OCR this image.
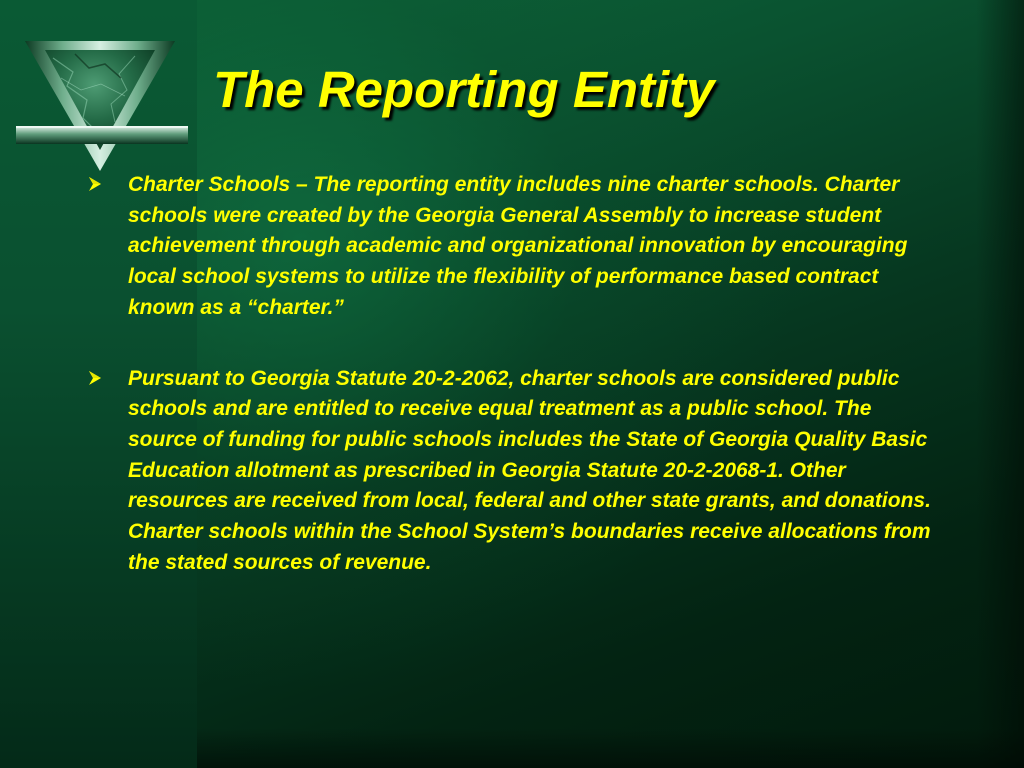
The Reporting Entity
Charter Schools – The reporting entity includes nine charter schools. Charter schools were created by the Georgia General Assembly to increase student achievement through academic and organizational innovation by encouraging local school systems to utilize the flexibility of performance based contract known as a “charter.”
Pursuant to Georgia Statute 20-2-2062, charter schools are considered public schools and are entitled to receive equal treatment as a public school. The source of funding for public schools includes the State of Georgia Quality Basic Education allotment as prescribed in Georgia Statute 20-2-2068-1. Other resources are received from local, federal and other state grants, and donations. Charter schools within the School System’s boundaries receive allocations from the stated sources of revenue.
